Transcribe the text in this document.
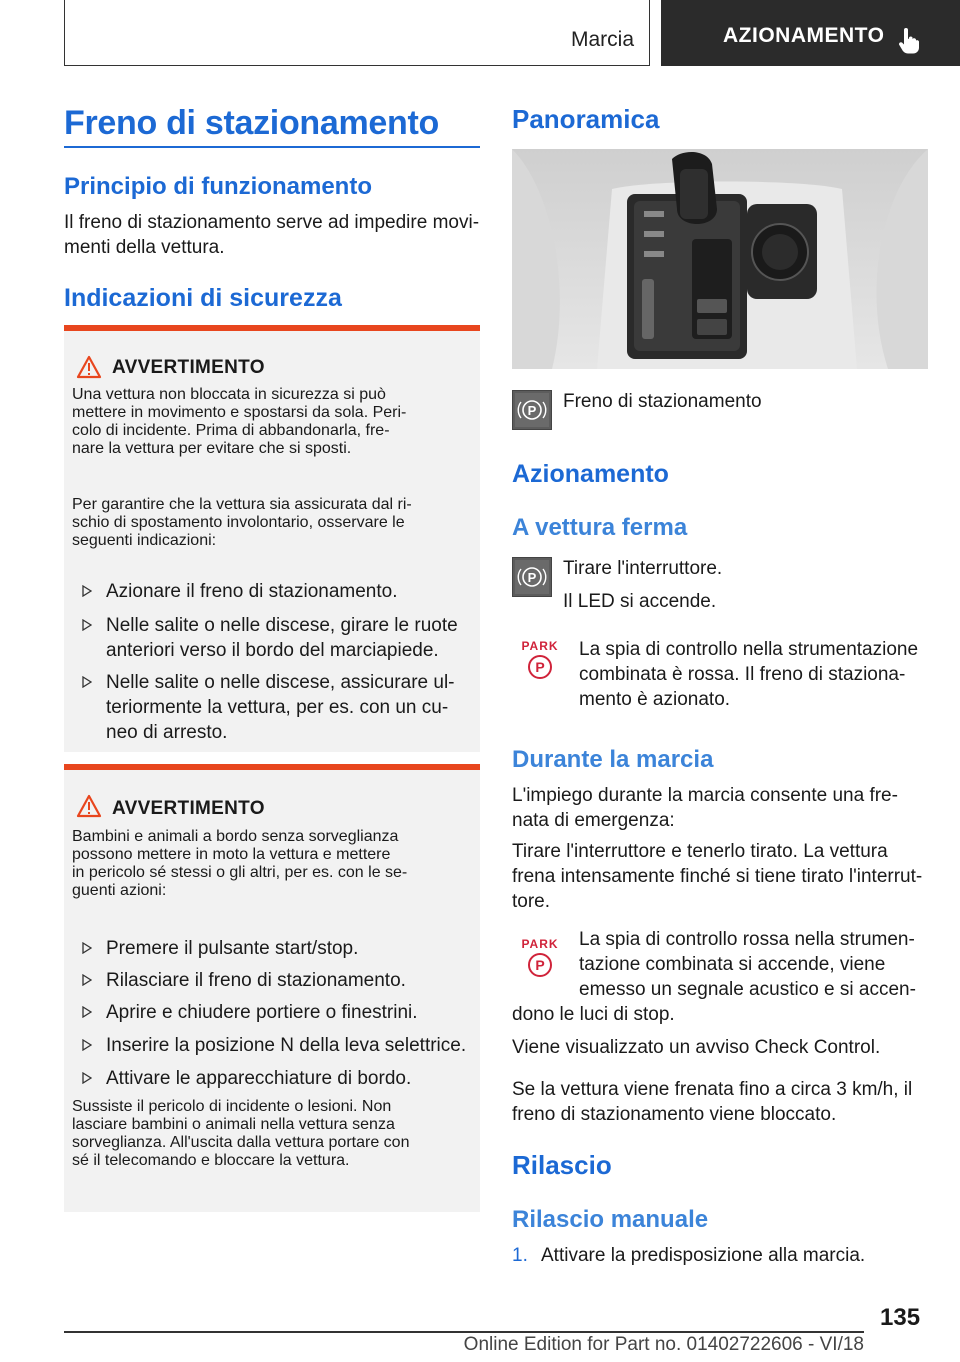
Marcia	AZIONAMENTO
Freno di stazionamento
Principio di funzionamento

Il freno di stazionamento serve ad impedire movi-

menti della vettura.

Indicazioni di sicurezza
AVVERTIMENTO
Una vettura non bloccata in sicurezza si può
mettere in movimento e spostarsi da sola. Peri-
colo di incidente. Prima di abbandonarla, fre-
nare la vettura per evitare che si sposti.
Per garantire che la vettura sia assicurata dal ri-
schio di spostamento involontario, osservare le
seguenti indicazioni:
Azionare il freno di stazionamento.
Nelle salite o nelle discese, girare le ruote
anteriori verso il bordo del marciapiede.
Nelle salite o nelle discese, assicurare ul-
teriormente la vettura, per es. con un cu-
neo di arresto.
AVVERTIMENTO
Bambini e animali a bordo senza sorveglianza
possono mettere in moto la vettura e mettere
in pericolo sé stessi o gli altri, per es. con le se-
guenti azioni:
Premere il pulsante start/stop.
Rilasciare il freno di stazionamento.
Aprire e chiudere portiere o finestrini.
Inserire la posizione N della leva selettrice.
Attivare le apparecchiature di bordo.
Sussiste il pericolo di incidente o lesioni. Non
lasciare bambini o animali nella vettura senza
sorveglianza. All'uscita dalla vettura portare con
sé il telecomando e bloccare la vettura.
Panoramica
P Freno di stazionamento

Azionamento
A vettura ferma
P Tirare l'interruttore.

Il LED si accende.

PARK
P
La spia di controllo nella strumentazione
combinata è rossa. Il freno di staziona-
mento è azionato.
Durante la marcia
L'impiego durante la marcia consente una fre-
nata di emergenza:
Tirare l'interruttore e tenerlo tirato. La vettura
frena intensamente finché si tiene tirato l'interrut-
tore.
PARK
P
La spia di controllo rossa nella strumen-
tazione combinata si accende, viene
emesso un segnale acustico e si accen-

dono le luci di stop.

Viene visualizzato un avviso Check Control.

Se la vettura viene frenata fino a circa 3 km/h, il
freno di stazionamento viene bloccato.
Rilascio
Rilascio manuale
1. Attivare la predisposizione alla marcia.

135
Online Edition for Part no. 01402722606 - VI/18
